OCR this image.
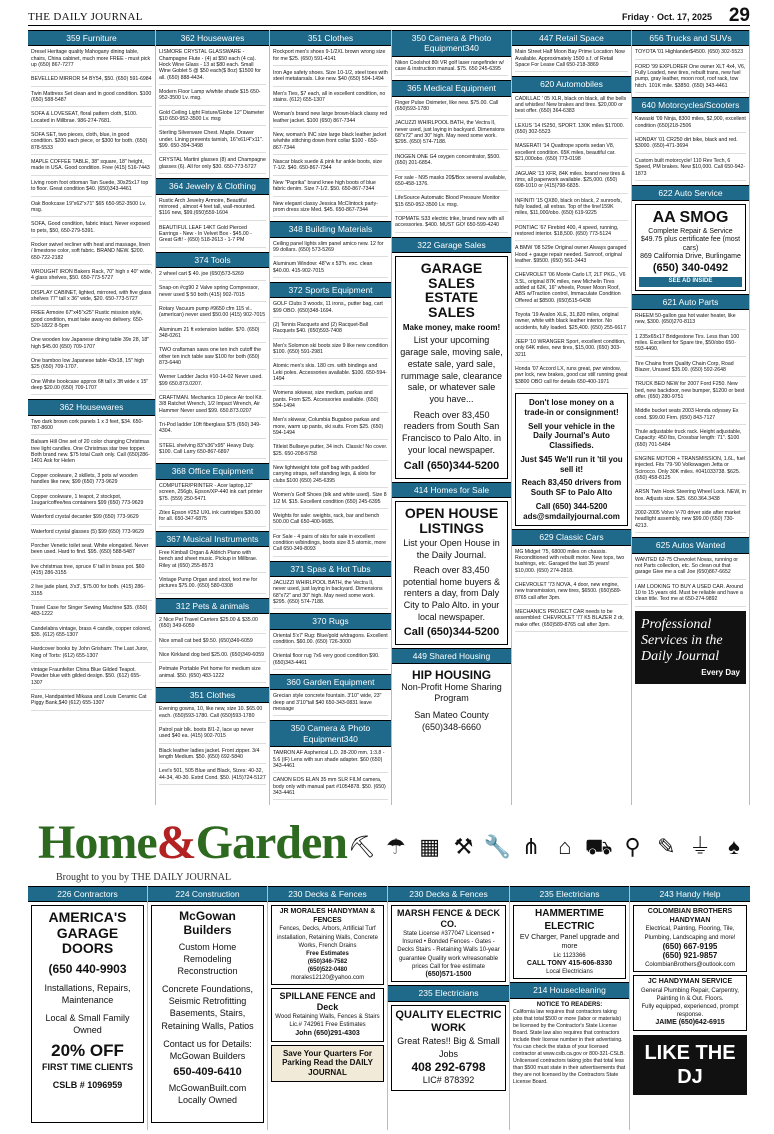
THE DAILY JOURNAL	Friday · Oct. 17, 2025 29
359 Furniture
Dresel Heritage quality Mahogany dining table, chairs, China cabinet, much more FREE - must pick up (650) 867-7277
BEVELLED MIRROR 54 BY54, $50. (650) 591-6984
Twin Mattress Set clean and in good condition. $100 (650) 588-5487
SOFA & LOVESEAT, floral pattern cloth, $100. Located in Millbrae. 986-274-7681.
SOFA SET, two pieces, cloth, blue, in good condition. $200 each piece, or $300 for both. (650) 878-5533
MAPLE COFFEE TABLE, 38" square, 18" height, made in USA. Good condition. Free (415) 516-7443
Living room foot ottoman Tan Suede, 30x25x17 top to floor. Great condition $40. (650)343-4461
Oak Bookcase 19"x62"x71" $65 650-952-3500 Lv. msg.
SOFA, Good condition, fabric intact. Never exposed to pets, $50, 650-279-5391.
Rocker swivel recliner with heat and massage, linen / limestone color, soft fabric. BRAND NEW. $200. 650-722-2182
WROUGHT IRON Bakers Rack, 70" high x 40" wide, 4 glass shelves, $50. 650-773-5727
DISPLAY CABINET, lighted, mirrored, with five glass shelves 77" tall x 36" wide, $20. 650-773-5727
FREE Armoire 67"x45"x25" Rustic mission style, good condition, must take away-no delivery. 650-520-1822 8-5pm
One wooden low Japanese dining table 39x 28, 18" high $45.00 (650) 709-1707
One bamboo low Japanese table 43x18, 15" high $25 (650) 709-1707.
One White bookcase approx 6ft tall x 3ft wide x 15" deep $20.00 (650) 709-1707
362 Housewares
Two dark brown cork panels 1 x 3 feet, $34. 650-787-8600
Balsam Hill One set of 20 color changing Christmas tree light candles. One Christmas star tree topper. Both brand new. $75 total Cash only. Call (650)286-1401 Ask for Helen
Copper cookware, 2 skillets, 3 pots w/ wooden handles like new, $99 (650) 773-9629
Copper cookware, 1 teapot, 2 stockpot, 1sugar/coffee/tea containers $99 (650) 773-9629
Waterford crystal decanter $99 (650) 773-9629
Waterford crystal glasses (5) $99 (650) 773-9629
Porcher Venetic toilet seat. White elongated. Never been used. Hard to find. $95. (650) 588-5487
live christmas tree, spruce 6' tall in brass pot. $60 (415) 286-3155
2 live jade plant, 3'x3', $75.00 for both. (415) 286-3155
Travel Case for Singer Sewing Machine $35. (650) 483-1222
Candelabra vintage, brass 4 candle, copper colored, $35. (612) 655-1307
Hardcover books by John Grisham: The Last Juror, King of Torts: (612) 655-1307
vintage Fraunfelter China Blue Gilded Teapot. Powder blue with gilded design. $50. (612) 655-1307
Rare, Handpainted Mikasa and Louis Ceramic Cat Piggy Bank,$40 (612) 655-1307
362 Housewares
LISMORE CRYSTAL GLASSWARE - Champagne Flute - (4) at $50 each (4 ca). Hock Wine Glass - 13 at $80 each. Small Wine Goblet 5 @ $50 each($ 8oz) $1500 for all. (650) 888-4434.
Modern Floor Lamp w/white shade $15 650-952-3500 Lv. msg.
Gold Ceiling Light Fixture/Globe 12" Diameter $10 650-952-3500 Lv. msg
Sterling Silverware Chest. Maple. Drawer under. Lining prevents tarnish, 16"x61/4"x11". $99. 650-394-3498
CRYSTAL Martini glasses (8) and Champagne glasses (6). All for only $30. 650-773-5727
364 Jewelry & Clothing
Rustic Arch Jewelry Armoire, Beautiful mirrored , almost 4 feet tall, wall-mounted. $116 new, $99.(650)559-1604
BEAUTIFUL LEAF 14KT Gold Pierced Earrings - New - In Velvet Box - $45.00 - Great Gift! - (650) 518-2613 - 1-7 PM
374 Tools
2 wheel cart $ 40. joe (650)573-5269
Snap-on #cg90 2 Valve spring Compressor, never used $ 50 both (415) 902-7015
Rotary Vacuum pump #9650 cfm 115 vl.. (american) never used $50.00 (415) 902-7015
Aluminum 21 ft extension ladder. $70. (650) 348-0261
TWO craftsman saws one ten inch cutoff the other ten inch table saw $100 for both (650) 873-6440
Werner Ladder Jacks #10-14-02 Never used. $99 650.873.0207.
CRAFTMAN. Mechanics 10 piece Air tool Kit. 3/8 Ratchet Wrench, 1/2 Impact Wrench, Air Hammer Never used $99. 650.873.0207
Tri-Pod ladder 10ft fiberglass $75 (650) 349-4304.
STEEL shelving 83"x36"x95" Heavy Duty. $100. Call Larry 650-867-6897
368 Office Equipment
COMPUTER/PRINTER - Acer laptop,12" screen, 256gb, Epson/XP-440 ink cart printer $75. (559) 250-5471
Zitex Epson #252 UXL ink cartridges $30.00 for all. 650-347-6875
367 Musical Instruments
Free Kimball Organ & Aldrich Piano with bench and sheet music. Pickup in Millbrae. Riley at (650) 255-8573
Vintage Pump Organ and stool, text me for pictures $75.00. (650) 580-0308
312 Pets & animals
2 Nice Pet Travel Carriers $25.00 & $35.00 (650) 349-6059
Nice small cat bed $9.50. (650)349-6059
Nice Kirkland dog bed $25.00. (650)349-6059
Petmate Portable Pet home for medium size animal. $50. (650) 483-1222
351 Clothes
Evening gowns, 10, like new, size 10. $65.00 each. (650)593-1780. Call (650)593-1780
Patrol pair blk. boots 8/1-2, lace up never used $40 ea. (415) 902-7015
Black leather ladies jacket. Front zipper. 3/4 length Medium. $50. (650) 692-5840
Levi's 501, 505 Blue and Black, Sizes: 40-32, 44-34, 40-30. Estrd Cond. $50. (415)724-5127
351 Clothes
Rockport men's shoes 9-1/2XL brown wrong size for me $25. (650) 591-4141
Iron Age safety shoes. Size 10-1/2, steel toes with steel metatarsals. Like new. $40 (650) 594-1494
Men's Ties, $7 each, all in excellent condition, no stains. (612) 655-1307
Woman's brand new large brown-black classy red leather jacket. $100 (650) 867-7344
New, woman's INC size large black leather jacket w/white stitching down front collar $100 - 650-867-7344
Nascar black suede & pink fur ankle boots, size 7-1/2. $40. 650-867-7344
New "Paprika" brand knee high boots of blue fabric denim. Size 7-1/2. $50. 650-867-7344
New elegant classy Jessica McClintock party-prom dress size Med. $45. 650-867-7344
348 Building Materials
Ceiling panel lights slim panel amico new. 12 for 99 dollars. (650) 573-5269
Aluminum Window: 48"w x 53"h. exc. clean $40.00. 415-902-7015
372 Sports Equipment
GOLF Clubs 3 woods, 11 irons,, putter bag, cart $99 OBO. (650)348-1694.
(2) Tennis Racquets and (2) Racquet-Ball Racquets $40. (650)593-7408
Men's Solomon ski boots size 9 like new condition $100. (650) 591-2981
Atomic men's skis. 180 cm. with bindings and Leki poles. Accessories available. $100. 650-594-1494
Womens skiwear, size medium, parkas and pants. From $25. Accessories available. (650) 594-1494
Men's skiwear, Columbia Bugaboo parkas and more, warm up pants, ski suits. From $25. (650) 594-1494
Titleist Bullseye putter, 34 inch. Classic! No cover. $25. 650-208-5758
New lightweight tote golf bag with padded carrying straps, self standing legs, & slots for clubs $100 (650) 245-6395
Women's Golf Shoes (blk and white used). Size 8 1/2 M. $15. Excellent condition (650) 245-6395
Weights for sale: weights, rack, bar and bench 500.00 Call 650-400-9685.
For Sale - 4 pairs of skis for sale in excellent condition w/bindings, boots size 8.5 atomic, more Call 650-349-8093
371 Spas & Hot Tubs
JACUZZI WHIRLPOOL BATH, the Vectra II, never used, just laying in backyard. Dimensions 68"x72" and 30" high. May need some work. $295. (650) 574-7188.
370 Rugs
Oriental 5'x7' Rug: Blue/gold w/dragons. Excellent condition. $60.00. (650) 726-3000
Oriental floor rug 7x6 very good condition $90. (650)343-4461
360 Garden Equipment
Grecian style concrete fountain. 3'10" wide, 23" deep and 3'10"tall $40 650-343-0831 leave message
350 Camera & Photo Equipment340
TAMRON AF Aspherical L.D. 28-200 mm. 1:3.8 - 5.6 (IF) Lens with sun shade adapter. $60 (650) 343-4461
CANON EOS ELAN 35 mm SLR FILM camera, body only with manual part #1054878. $50. (650) 343-4461
350 Camera & Photo Equipment340
Nikon Coolshot 80i VR golf laser rangefinder w/ case & instruction manual. $75. 650 245-6395
365 Medical Equipment
Finger Pulse Oximeter, like new. $75.00. Call (650)593-1780
JACUZZI WHIRLPOOL BATH, the Vectra II, never used, just laying in backyard. Dimensions 68"x72" and 30" high. May need some work. $295. (650) 574-7188.
INOGEN ONE G4 oxygen concentrator, $500. (650) 201-6854.
For sale - N95 masks 20$/Box several available, 650-458-1376.
LifeSource Automatic Blood Pressure Monitor $15 650-952-3500 Lv. msg.
TOPMATE S33 electric trike, brand new with all accessories. $400. MUST GO! 650-599-4240
322 Garage Sales
GARAGE SALES ESTATE SALES
Make money, make room!
List your upcoming garage sale, moving sale, estate sale, yard sale, rummage sale, clearance sale, or whatever sale you have...
Reach over 83,450 readers from South San Francisco to Palo Alto. in your local newspaper.
Call (650)344-5200
414 Homes for Sale
OPEN HOUSE LISTINGS
List your Open House in the Daily Journal.
Reach over 83,450 potential home buyers & renters a day, from Daly City to Palo Alto. in your local newspaper.
Call (650)344-5200
449 Shared Housing
HIP HOUSING
Non-Profit Home Sharing Program
San Mateo County
(650)348-6660
447 Retail Space
Main Street Half Moon Bay Prime Location Now Available. Approximately 1500 s.f. of Retail Space For Lease Call 650-218-3869
620 Automobiles
CADILLAC ' 05 XLR, black on black, all the bells and whistles! New brakes and tires. $20,000 or best offer. (650) 364-6383
LEXUS '14 IS250, SPORT. 130K miles $17000. (650) 302-5523
MASERATI '14 Quattrope sports sedan V8, excellent condition. 65K miles, beautiful car. $21,000obo. (650) 773-0198
JAGUAR '13 XFR, 84K miles. brand new tires & rims, all paperwork available. $25,000. (650) 698-1010 or (415)798-6835.
INFINITI '15 QX80, black on black, 2 sunroofs, fully loaded, all extras. Top of the line!159K miles, $11,000/obo. (650) 619-9225
PONTIAC '67 Firebird 400, 4 speed, running, restored interior. $18,500. (650) 773-5124
A BMW '08 529e Original owner Always garaged Hood + gauge repair needed. Sunroof, original leather. $9500. (650) 561-3443
CHEVROLET '06 Monte Carlo LT, 2LT PKG., V6 3.5L, original 87K miles, new Michelin Tires added at 62K, 16" wheels, Power Moon Roof, ABS w/Traction control, Immaculate Condition Offered at $8500. (650)515-6438
Toyota '19 Avalon XLE, 31,820 miles, original owner, white with black leather interior. No accidents, fully loaded. $25,400. (650) 255-6617
JEEP '10 WRANGER Sport, excellent condition, only 64K miles, new tires, $15,000. (650) 303-3211
Honda '07 Accord LX, runs great, pwr window, pwr lock, new brakes, good car still running great $3800 OBO call for details 650-400-1971
Don't lose money on a trade-in or consignment!
Sell your vehicle in the Daily Journal's Auto Classifieds.
Just $45 We'll run it 'til you sell it!
Reach 83,450 drivers from South SF to Palo Alto
Call (650) 344-5200 ads@smdailyjournal.com
629 Classic Cars
MG Midget '75, 68000 miles on chassis. Reconditioned with rebuilt motor. New tops, two bushings, etc. Garaged the last 35 years! $10,000. (650) 274-2818.
CHEVROLET '73 NOVA, 4 door, new engine, new transmission, new tires, $6500. (650)589-8765 call after 3pm.
MECHANICS PROJECT CAR needs to be assembled: CHEVROLET '77 K5 BLAZER 2 dr, make offer. (650)589-8765 call after 3pm.
656 Trucks and SUVs
TOYOTA '01 Highlander$4500. (650) 302-5523
FORD '99 EXPLORER One owner XLT 4x4, V6, Fully Loaded, new tires, rebuilt trans, new fuel pump, gray leather, moon roof, roof rack, tow hitch. 101K mile. $3850. (650) 343-4461
640 Motorcycles/Scooters
Kawaski '09 Ninja, 8300 miles, $2,900, excellent condition (650)218-2506
HONDAY '01 CR250 dirt bike, black and red. $3000. (650)-471-3694
Custom built motorcycle! 110 Rev Tech, 6 Speed, PM brakes. New $10,000. Call 650-942-1873
622 Auto Service
AA SMOG
Complete Repair & Service
$49.75 plus certificate fee (most cars)
869 California Drive, Burlingame
(650) 340-0492
SEE AD INSIDE
621 Auto Parts
RHEEM 50-gallon gas hot water heater, like new, $300. (650)270-8113
1 235x65x17 Bridgestone Tirs. Less than 100 miles. Excellent for Spare tire, $50/obo 650-593-4490.
Tire Chains from Quality Chain Corp, Road Blazer, Unused $35.00. (650) 592-2648
TRUCK BED NEW for 2007 Ford F250. New bed, new backdoor, new bumper, $1200 or best offer. (650) 280-9751
Middle bucket seats 2003 Honda odyssey Ex cond. $99.00 Firm. (650) 843-7127
Thule adjustable truck rack. Height adjustable, Capacity: 450 lbs, Crossbar length: 71". $100 (650) 701-5484
ENGINE MOTOR + TRANSMISSION, 1.6L, fuel injected. Fits '79-'90 Volkswagen Jetta or Scirocco. Only 30K miles. #041033738. $625. (650) 458-8125
ARSN Twin Hook Steering Wheel Lock. NEW, in box. Adjusts size. $25. 650.364.3438
2002-2005 Volvo V-70 driver side after market headlight assembly, new $99.00 (650) 730-4213.
625 Autos Wanted
WANTED 62-75 Chevrolet Novas, running or not Parts collection, etc. So clean out that garage Give me a call Joe (650)867-6652
I AM LOOKING TO BUY A USED CAR. Around 10 to 15 years old. Must be reliable and have a clean title. Text me at 650-274-9892
Professional Services in the Daily Journal
Every Day
Home&Garden
Brought to you by THE DAILY JOURNAL
⛏ ☂ ▦ ⚒ 🔧 ⋔ ⌂ ⛟ ⚲ ✎ ⏚ ♠
226 Contractors
AMERICA'S GARAGE DOORS
(650 440-9903
Installations, Repairs, Maintenance
Local & Small Family Owned
20% OFF
FIRST TIME CLIENTS
CSLB # 1096959
224 Construction
McGowan Builders
Custom Home Remodeling Reconstruction
Concrete Foundations, Seismic Retrofitting Basements, Stairs, Retaining Walls, Patios
Contact us for Details: McGowan Builders
650-409-6410
McGowanBuilt.com Locally Owned
230 Decks & Fences
JR MORALES HANDYMAN & FENCES
Fences, Decks, Arbors, Artificial Turf installation, Retaining Walls, Concrete Works, French Drains
Free Estimates
(650)346-7582
(650)522-0480
morales12120@yahoo.com
SPILLANE FENCE and Deck
Wood Retaining Walls, Fences & Stairs Lic.# 742961 Free Estimates
John (650)291-4303
Save Your Quarters For Parking Read the DAILY JOURNAL
230 Decks & Fences
MARSH FENCE & DECK CO.
State License #377047 Licensed • Insured • Bonded Fences - Gates - Decks Stairs - Retaining Walls 10-year guarantee Quality work w/reasonable prices Call for free estimate
(650)571-1500
235 Electricians
QUALITY ELECTRIC WORK
Great Rates!! Big & Small Jobs
408 292-6798
LIC# 878392
235 Electricians
HAMMERTIME ELECTRIC
EV Charger, Panel upgrade and more
Lic 1123366
CALL TONY 415-606-8330
Local Electricians
214 Housecleaning
NOTICE TO READERS:
California law requires that contractors taking jobs that total $500 or more (labor or materials) be licensed by the Contractor's State License Board. State law also requires that contractors include their license number in their advertising. You can check the status of your licensed contractor at www.cslb.ca.gov or 800-321-CSLB. Unlicensed contractors taking jobs that total less than $500 must state in their advertisements that they are not licensed by the Contractors State License Board.
243 Handy Help
COLOMBIAN BROTHERS HANDYMAN
Electrical, Painting, Flooring, Tile, Plumbing, Landscaping and more!
(650) 667-9195
(650) 921-9857
ColombianBrothers@outlook.com
JC HANDYMAN SERVICE
General Plumbing Repair, Carpentry, Painting In & Out. Floors.
Fully equipped, experienced, prompt response.
JAIME (650)642-6915
LIKE THE DJ
